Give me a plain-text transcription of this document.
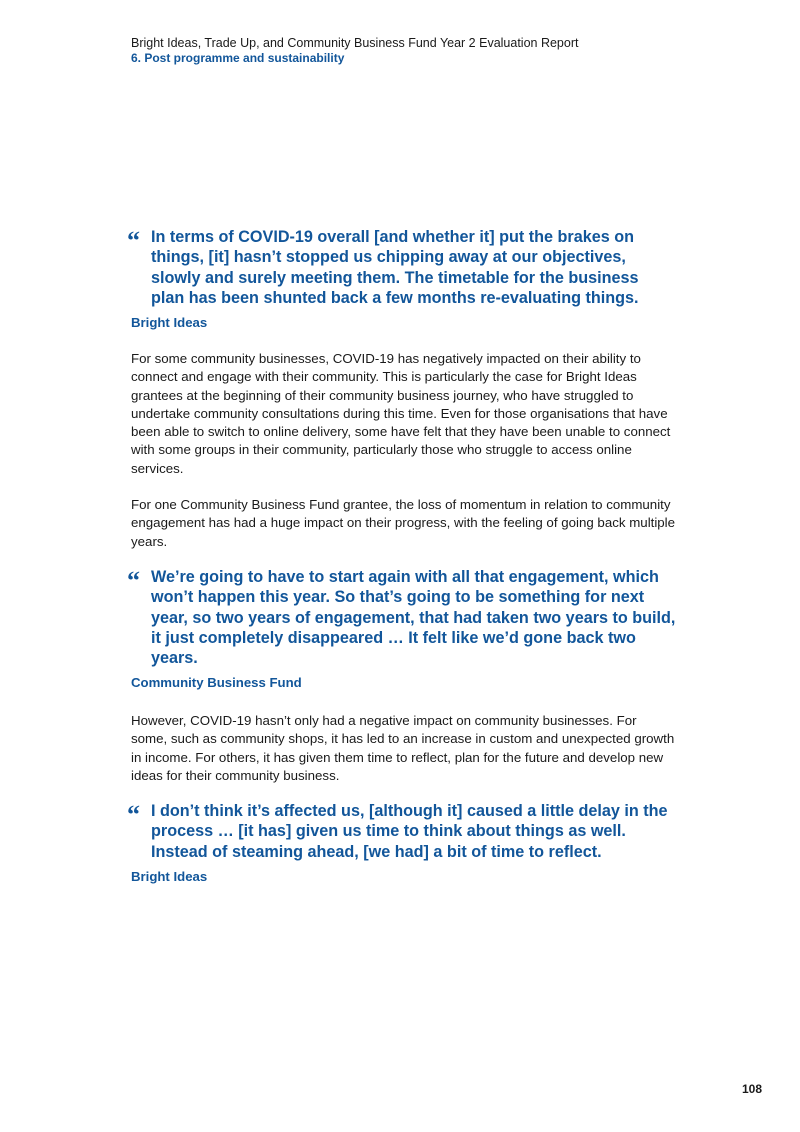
Bright Ideas, Trade Up, and Community Business Fund Year 2 Evaluation Report
6. Post programme and sustainability
“ In terms of COVID-19 overall [and whether it] put the brakes on things, [it] hasn’t stopped us chipping away at our objectives, slowly and surely meeting them. The timetable for the business plan has been shunted back a few months re-evaluating things.

Bright Ideas

For some community businesses, COVID-19 has negatively impacted on their ability to connect and engage with their community. This is particularly the case for Bright Ideas grantees at the beginning of their community business journey, who have struggled to undertake community consultations during this time. Even for those organisations that have been able to switch to online delivery, some have felt that they have been unable to connect with some groups in their community, particularly those who struggle to access online services.

For one Community Business Fund grantee, the loss of momentum in relation to community engagement has had a huge impact on their progress, with the feeling of going back multiple years.

“ We’re going to have to start again with all that engagement, which won’t happen this year. So that’s going to be something for next year, so two years of engagement, that had taken two years to build, it just completely disappeared … It felt like we’d gone back two years.

Community Business Fund

However, COVID-19 hasn’t only had a negative impact on community businesses. For some, such as community shops, it has led to an increase in custom and unexpected growth in income. For others, it has given them time to reflect, plan for the future and develop new ideas for their community business.

“ I don’t think it’s affected us, [although it] caused a little delay in the process … [it has] given us time to think about things as well. Instead of steaming ahead, [we had] a bit of time to reflect.

Bright Ideas
108
